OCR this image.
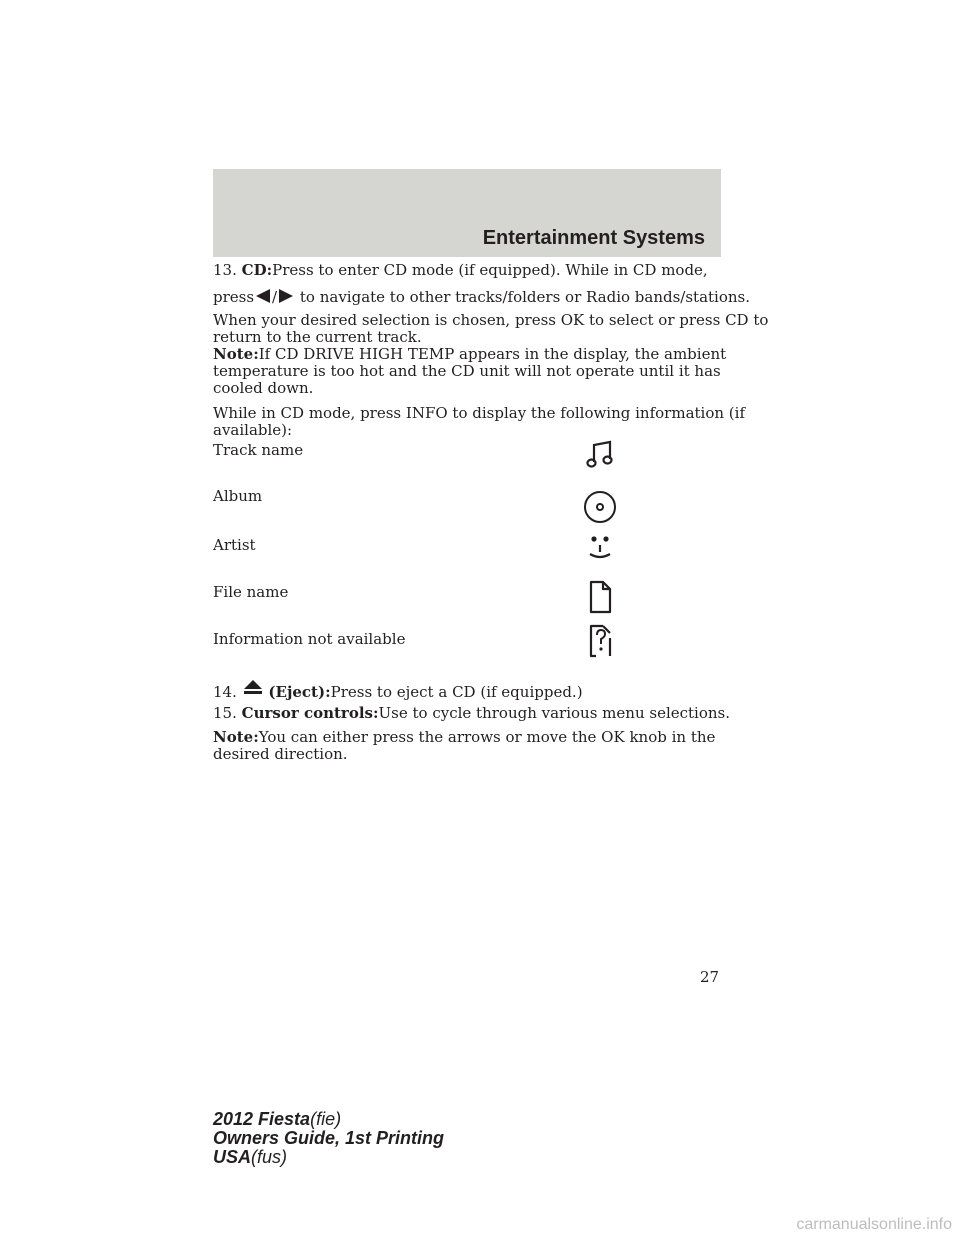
Entertainment Systems

13. CD:Press to enter CD mode (if equipped). While in CD mode,

press / to navigate to other tracks/folders or Radio bands/stations.

When your desired selection is chosen, press OK to select or press CD to

return to the current track.

Note:If CD DRIVE HIGH TEMP appears in the display, the ambient

temperature is too hot and the CD unit will not operate until it has

cooled down.

While in CD mode, press INFO to display the following information (if

available):

Track name

Album

Artist

File name

Information not available

14. (Eject):Press to eject a CD (if equipped.)

15. Cursor controls:Use to cycle through various menu selections.

Note:You can either press the arrows or move the OK knob in the

desired direction.

27
2012 Fiesta(fie)
Owners Guide, 1st Printing
USA(fus)
carmanualsonline.info
